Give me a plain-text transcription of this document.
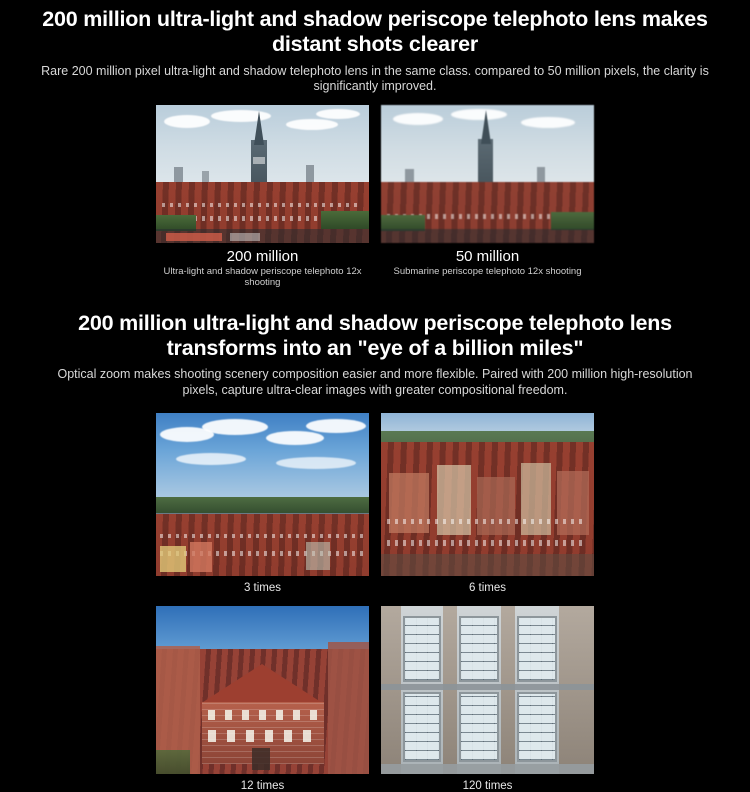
200 million ultra-light and shadow periscope telephoto lens makes distant shots clearer
Rare 200 million pixel ultra-light and shadow telephoto lens in the same class. compared to 50 million pixels, the clarity is significantly improved.
200 million
Ultra-light and shadow periscope telephoto 12x shooting
50 million
Submarine periscope telephoto 12x shooting
200 million ultra-light and shadow periscope telephoto lens transforms into an "eye of a billion miles"
Optical zoom makes shooting scenery composition easier and more flexible. Paired with 200 million high-resolution pixels, capture ultra-clear images with greater compositional freedom.
3 times	6 times
12 times	120 times
